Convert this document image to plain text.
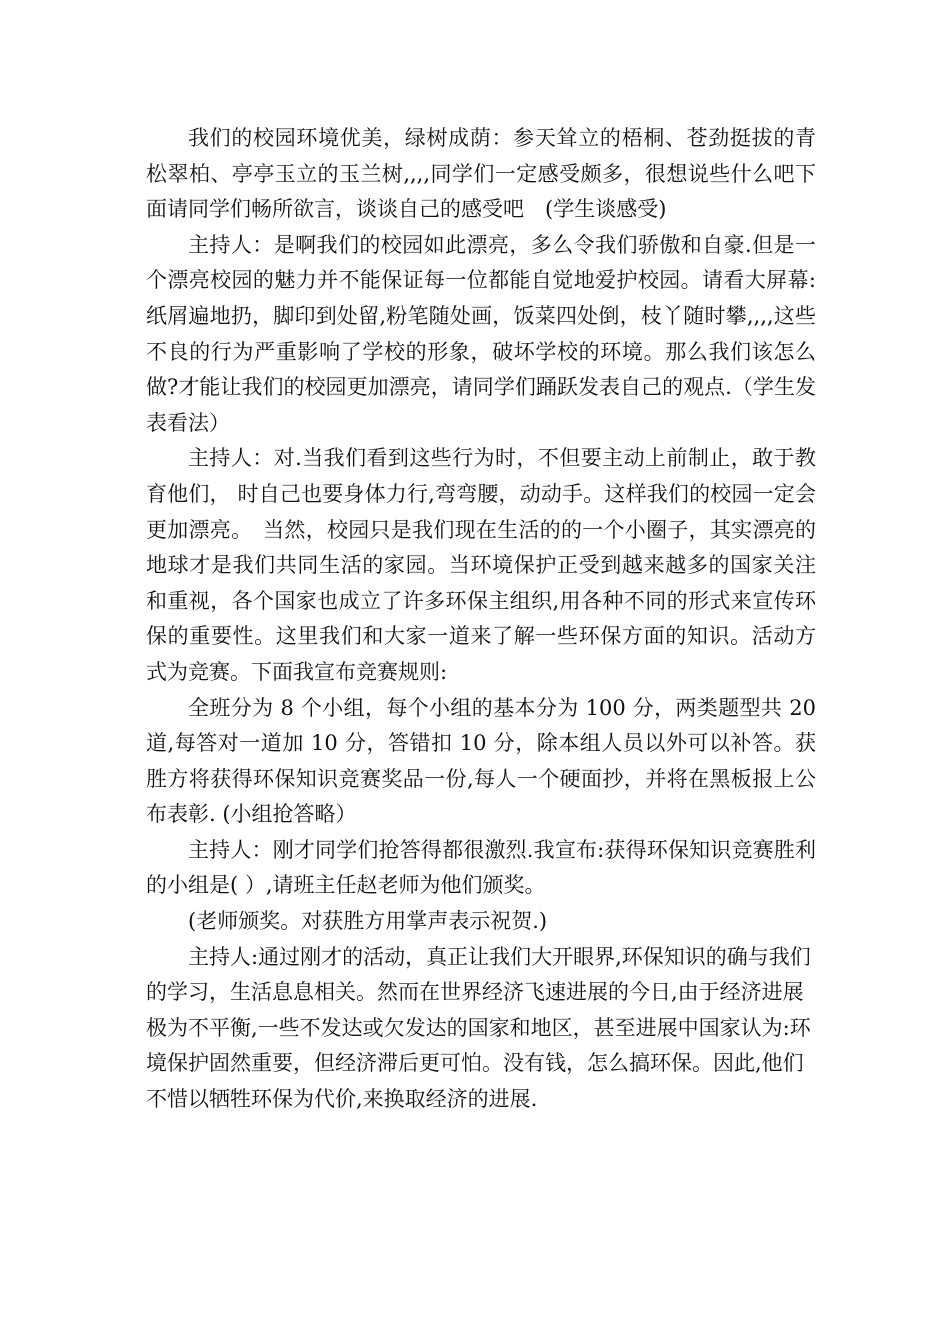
我们的校园环境优美，绿树成荫：参天耸立的梧桐、苍劲挺拔的青松翠柏、亭亭玉立的玉兰树,,,,同学们一定感受颇多，很想说些什么吧下面请同学们畅所欲言，谈谈自己的感受吧　(学生谈感受)

主持人：是啊我们的校园如此漂亮，多么令我们骄傲和自豪.但是一个漂亮校园的魅力并不能保证每一位都能自觉地爱护校园。请看大屏幕:纸屑遍地扔，脚印到处留,粉笔随处画，饭菜四处倒，枝丫随时攀,,,,这些不良的行为严重影响了学校的形象，破坏学校的环境。那么我们该怎么做?才能让我们的校园更加漂亮，请同学们踊跃发表自己的观点.（学生发表看法）

主持人：对.当我们看到这些行为时，不但要主动上前制止，敢于教育他们， 时自己也要身体力行,弯弯腰，动动手。这样我们的校园一定会更加漂亮。　当然，校园只是我们现在生活的的一个小圈子，其实漂亮的地球才是我们共同生活的家园。当环境保护正受到越来越多的国家关注和重视，各个国家也成立了许多环保主组织,用各种不同的形式来宣传环保的重要性。这里我们和大家一道来了解一些环保方面的知识。活动方式为竞赛。下面我宣布竞赛规则:

全班分为 8 个小组，每个小组的基本分为 100 分，两类题型共 20 道,每答对一道加 10 分，答错扣 10 分，除本组人员以外可以补答。获胜方将获得环保知识竞赛奖品一份,每人一个硬面抄，并将在黑板报上公布表彰. (小组抢答略）

主持人：刚才同学们抢答得都很激烈.我宣布:获得环保知识竞赛胜利的小组是( ）,请班主任赵老师为他们颁奖。

(老师颁奖。对获胜方用掌声表示祝贺.)

主持人:通过刚才的活动，真正让我们大开眼界,环保知识的确与我们的学习，生活息息相关。然而在世界经济飞速进展的今日,由于经济进展极为不平衡,一些不发达或欠发达的国家和地区，甚至进展中国家认为:环境保护固然重要，但经济滞后更可怕。没有钱，怎么搞环保。因此,他们不惜以牺牲环保为代价,来换取经济的进展.
